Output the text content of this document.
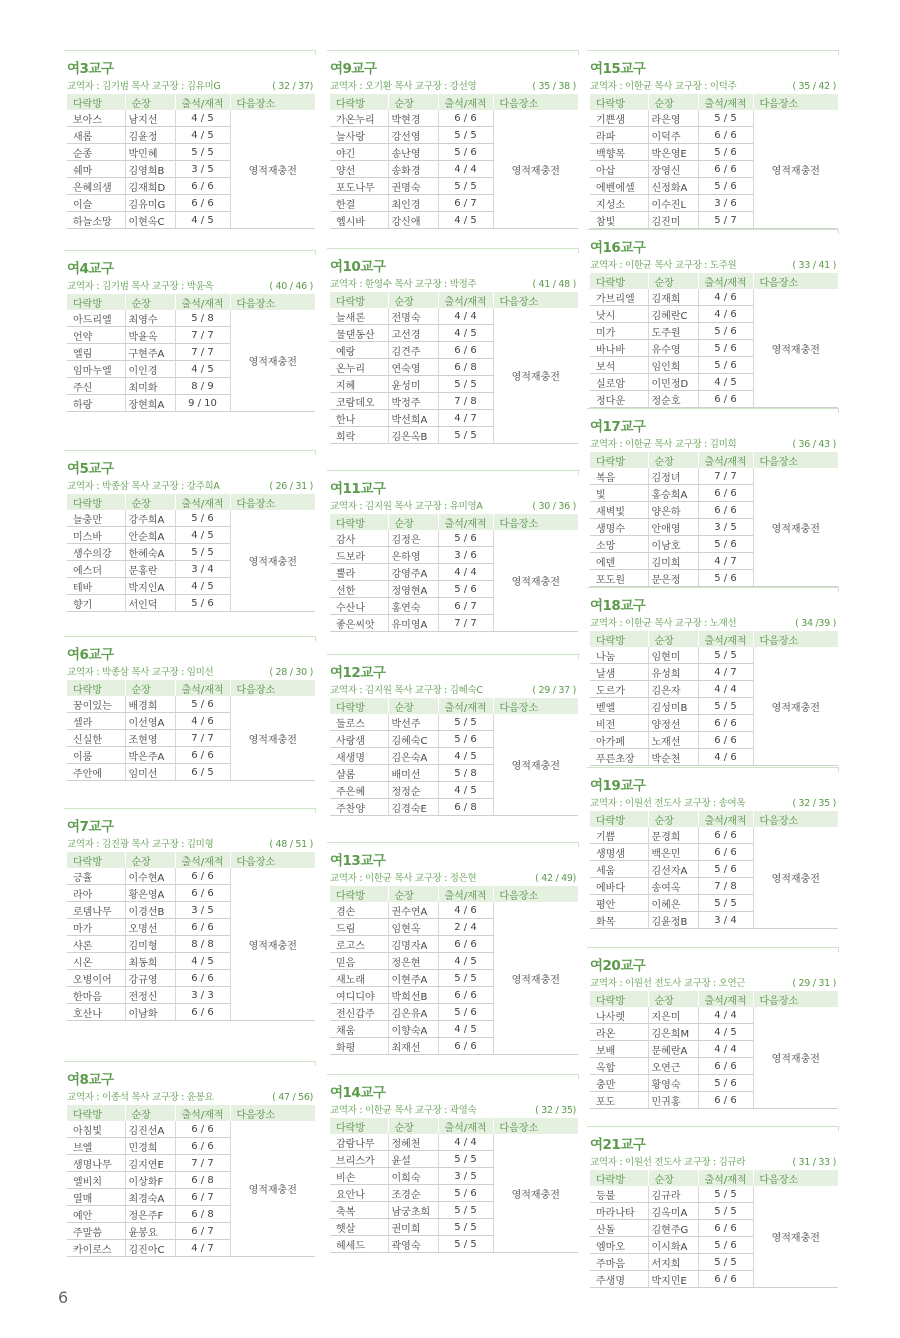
여3교구
교역자 : 김기범 목사 교구장 : 김유미G	( 32 / 37)
다락방	순장	출석/재적	다음장소
보아스	남지선	4 / 5	영적재충전
새롬	김윤정	4 / 5	
순종	박민혜	5 / 5	
쉐마	김영희B	3 / 5	
은혜의샘	김재희D	6 / 6	
이슬	김유미G	6 / 6	
하늘소망	이현옥C	4 / 5	
여4교구
교역자 : 김기범 목사 교구장 : 박윤옥	( 40 / 46 )
다락방	순장	출석/재적	다음장소
아드리엘	최영수	5 / 8	영적재충전
언약	박윤옥	7 / 7	
엘림	구현주A	7 / 7	
임마누엘	이인경	4 / 5	
주신	최미화	8 / 9	
하랑	장현희A	9 / 10	
여5교구
교역자 : 박종삼 목사 교구장 : 강주희A	( 26 / 31 )
다락방	순장	출석/재적	다음장소
늘충만	강주희A	5 / 6	영적재충전
미스바	안순희A	4 / 5	
생수의강	한혜숙A	5 / 5	
에스더	문홍란	3 / 4	
테바	박지인A	4 / 5	
향기	서인덕	5 / 6	
여6교구
교역자 : 박종삼 목사 교구장 : 임미선	( 28 / 30 )
다락방	순장	출석/재적	다음장소
꿈이있는	배경희	5 / 6	영적재충전
셀라	이선영A	4 / 6	
신실한	조현영	7 / 7	
이룸	박은주A	6 / 6	
주안에	임미선	6 / 5	
여7교구
교역자 : 김진광 목사 교구장 : 김미형	( 48 / 51 )
다락방	순장	출석/재적	다음장소
긍휼	이수현A	6 / 6	영적재충전
라아	황은영A	6 / 6	
로뎀나무	이경선B	3 / 5	
마가	오명선	6 / 6	
샤론	김미형	8 / 8	
시온	최동희	4 / 5	
오병이어	강규영	6 / 6	
한마음	전정신	3 / 3	
호산나	이남화	6 / 6	
여8교구
교역자 : 이종석 목사 교구장 : 윤봉요	( 47 / 56)
다락방	순장	출석/재적	다음장소
아침빛	김진선A	6 / 6	영적재충전
브엘	민경희	6 / 6	
생명나무	김지연E	7 / 7	
엘비치	이상화F	6 / 8	
열매	최경숙A	6 / 7	
예안	정은주F	6 / 8	
주말씀	윤봉요	6 / 7	
카이로스	김진아C	4 / 7	
여9교구
교역자 : 오기환 목사 교구장 : 강선영	( 35 / 38 )
다락방	순장	출석/재적	다음장소
가온누리	박현경	6 / 6	영적재충전
늘사랑	강선영	5 / 5	
야긴	송난영	5 / 6	
양선	송화경	4 / 4	
포도나무	권명숙	5 / 5	
한결	최인경	6 / 7	
헵시바	강신애	4 / 5	
여10교구
교역자 : 한영수 목사 교구장 : 박정주	( 41 / 48 )
다락방	순장	출석/재적	다음장소
늘새론	전명숙	4 / 4	영적재충전
물댄동산	고선경	4 / 5	
예랑	김견주	6 / 6	
온누리	연숙영	6 / 8	
지혜	윤성미	5 / 5	
코람데오	박정주	7 / 8	
한나	박선희A	4 / 7	
희락	김은옥B	5 / 5	
여11교구
교역자 : 김지원 목사 교구장 : 유미영A	( 30 / 36 )
다락방	순장	출석/재적	다음장소
감사	김정은	5 / 6	영적재충전
드보라	은하영	3 / 6	
뿔라	강영주A	4 / 4	
선한	정영현A	5 / 6	
수산나	홍연숙	6 / 7	
좋은씨앗	유미영A	7 / 7	
여12교구
교역자 : 김지원 목사 교구장 : 김혜숙C	( 29 / 37 )
다락방	순장	출석/재적	다음장소
둘로스	박선주	5 / 5	영적재충전
사랑샘	김혜숙C	5 / 6	
새생명	김은숙A	4 / 5	
샬롬	배미선	5 / 8	
주은혜	정정순	4 / 5	
주찬양	김경숙E	6 / 8	
여13교구
교역자 : 이한균 목사 교구장 : 정은현	( 42 / 49)
다락방	순장	출석/재적	다음장소
겸손	권수연A	4 / 6	영적재충전
드림	임현옥	2 / 4	
로고스	김명자A	6 / 6	
믿음	정은현	4 / 5	
새노래	이현주A	5 / 5	
여디디야	박희선B	6 / 6	
전신갑주	김은유A	5 / 6	
채움	이향숙A	4 / 5	
화평	최재선	6 / 6	
여14교구
교역자 : 이한균 목사 교구장 : 곽영숙	( 32 / 35)
다락방	순장	출석/재적	다음장소
감람나무	정혜천	4 / 4	영적재충전
브리스가	윤설	5 / 5	
비손	이희숙	3 / 5	
요안나	조경순	5 / 6	
축복	남궁초희	5 / 5	
햇살	권미희	5 / 5	
헤세드	곽영숙	5 / 5	
여15교구
교역자 : 이한균 목사 교구장 : 이덕주	( 35 / 42 )
다락방	순장	출석/재적	다음장소
기쁜샘	라은영	5 / 5	영적재충전
라파	이덕주	6 / 6	
백향목	박은영E	5 / 6	
아삽	장영신	6 / 6	
에벤에셀	신정화A	5 / 6	
지성소	이수진L	3 / 6	
참빛	김진미	5 / 7	
여16교구
교역자 : 이한균 목사 교구장 : 도주원	( 33 / 41 )
다락방	순장	출석/재적	다음장소
가브리엘	김재희	4 / 6	영적재충전
낫시	김혜란C	4 / 6	
미가	도주원	5 / 6	
바나바	유수영	5 / 6	
보석	임인희	5 / 6	
실로암	이민정D	4 / 5	
정다운	정순호	6 / 6	
여17교구
교역자 : 이한균 목사 교구장 : 김미희	( 36 / 43 )
다락방	순장	출석/재적	다음장소
복음	김정녀	7 / 7	영적재충전
빛	홍승희A	6 / 6	
새벽빛	양은하	6 / 6	
생명수	안애영	3 / 5	
소망	이남호	5 / 6	
에덴	김미희	4 / 7	
포도원	문은정	5 / 6	
여18교구
교역자 : 이한균 목사 교구장 : 노재선	( 34 /39 )
다락방	순장	출석/재적	다음장소
나눔	임현미	5 / 5	영적재충전
날샘	유성희	4 / 7	
도르가	김은자	4 / 4	
벧엘	김성미B	5 / 5	
비전	양정선	6 / 6	
아가페	노재선	6 / 6	
푸른초장	박순천	4 / 6	
여19교구
교역자 : 이원선 전도사 교구장 : 송여옥	( 32 / 35 )
다락방	순장	출석/재적	다음장소
기쁨	문경희	6 / 6	영적재충전
생명샘	백은민	6 / 6	
세움	김선자A	5 / 6	
에바다	송여옥	7 / 8	
평안	이혜은	5 / 5	
화목	김윤정B	3 / 4	
여20교구
교역자 : 이원선 전도사 교구장 : 오연근	( 29 / 31 )
다락방	순장	출석/재적	다음장소
나사렛	지은미	4 / 4	영적재충전
라온	김은희M	4 / 5	
보배	문혜란A	4 / 4	
옥합	오연근	6 / 6	
충만	황영숙	5 / 6	
포도	민귀홍	6 / 6	
여21교구
교역자 : 이원선 전도사 교구장 : 김규라	( 31 / 33 )
다락방	순장	출석/재적	다음장소
등불	김규라	5 / 5	영적재충전
마라나타	김옥미A	5 / 5	
산돌	김현주G	6 / 6	
엠마오	이시화A	5 / 6	
주마음	서지희	5 / 5	
주생명	박지민E	6 / 6	
6
